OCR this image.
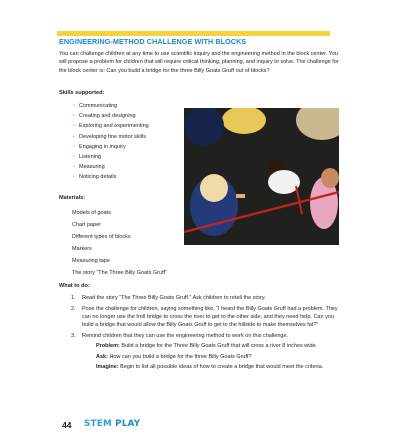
ENGINEERING-METHOD CHALLENGE WITH BLOCKS
You can challenge children at any time to use scientific inquiry and the engineering method in the block center. You will propose a problem for children that will require critical thinking, planning, and inquiry to solve. The challenge for the block center is: Can you build a bridge for the three Billy Goats Gruff out of blocks?
Skills supported:
• Communicating
• Creating and designing
• Exploring and experimenting
• Developing fine motor skills
• Engaging in inquiry
• Listening
• Measuring
• Noticing details
Materials:
Models of goats
Chart paper
Different types of blocks
Markers
Measuring tape
The story “The Three Billy Goats Gruff”
What to do:
1. Read the story “The Three Billy Goats Gruff.” Ask children to retell the story.
2. Pose the challenge for children, saying something like, “I heard the Billy Goats Gruff had a problem. They can no longer use the troll bridge to cross the river to get to the other side, and they need help. Can you build a bridge that would allow the Billy Goats Gruff to get to the hillside to make themselves fat?”
3. Remind children that they can use the engineering method to work on this challenge.
Problem: Build a bridge for the Three Billy Goats Gruff that will cross a river 8 inches wide.
Ask: How can you build a bridge for the three Billy Goats Gruff?
Imagine: Begin to list all possible ideas of how to create a bridge that would meet the criteria.
44 STEM PLAY
